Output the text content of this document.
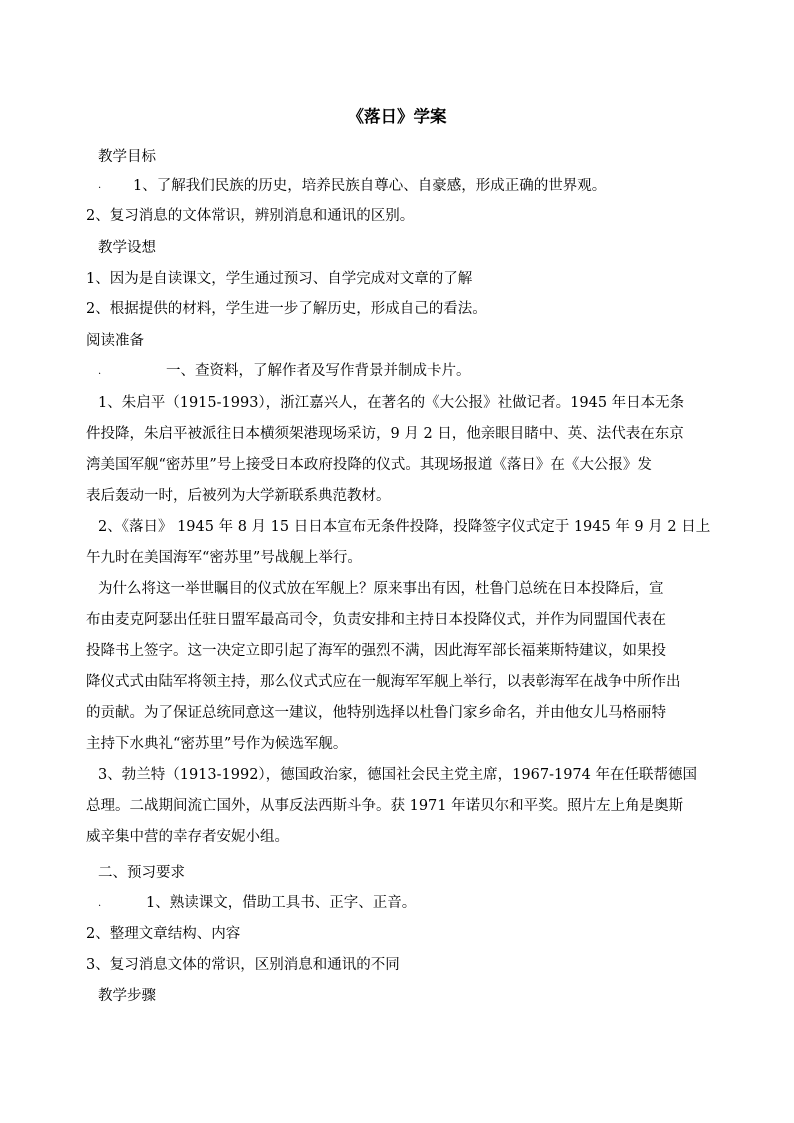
《落日》学案
教学目标
. 1、了解我们民族的历史，培养民族自尊心、自豪感，形成正确的世界观。
2、复习消息的文体常识，辨别消息和通讯的区别。
教学设想
1、因为是自读课文，学生通过预习、自学完成对文章的了解
2、根据提供的材料，学生进一步了解历史，形成自己的看法。
阅读准备
.	一、查资料，了解作者及写作背景并制成卡片。
1、朱启平（1915-1993），浙江嘉兴人，在著名的《大公报》社做记者。1945 年日本无条
件投降，朱启平被派往日本横须架港现场采访，9 月 2 日，他亲眼目睹中、英、法代表在东京
湾美国军舰“密苏里”号上接受日本政府投降的仪式。其现场报道《落日》在《大公报》发
表后轰动一时，后被列为大学新联系典范教材。
2、《落日》 1945 年 8 月 15 日日本宣布无条件投降，投降签字仪式定于 1945 年 9 月 2 日上
午九时在美国海军“密苏里”号战舰上举行。
为什么将这一举世瞩目的仪式放在军舰上？原来事出有因，杜鲁门总统在日本投降后，宣
布由麦克阿瑟出任驻日盟军最高司令，负责安排和主持日本投降仪式，并作为同盟国代表在
投降书上签字。这一决定立即引起了海军的强烈不满，因此海军部长福莱斯特建议，如果投
降仪式式由陆军将领主持，那么仪式式应在一舰海军军舰上举行，以表彰海军在战争中所作出
的贡献。为了保证总统同意这一建议，他特别选择以杜鲁门家乡命名，并由他女儿马格丽特
主持下水典礼“密苏里”号作为候选军舰。
3、勃兰特（1913-1992），德国政治家，德国社会民主党主席，1967-1974 年在任联帮德国
总理。二战期间流亡国外，从事反法西斯斗争。获 1971 年诺贝尔和平奖。照片左上角是奥斯
威辛集中营的幸存者安妮小组。
二、预习要求
.	1、熟读课文，借助工具书、正字、正音。
2、整理文章结构、内容
3、复习消息文体的常识，区别消息和通讯的不同
教学步骤
